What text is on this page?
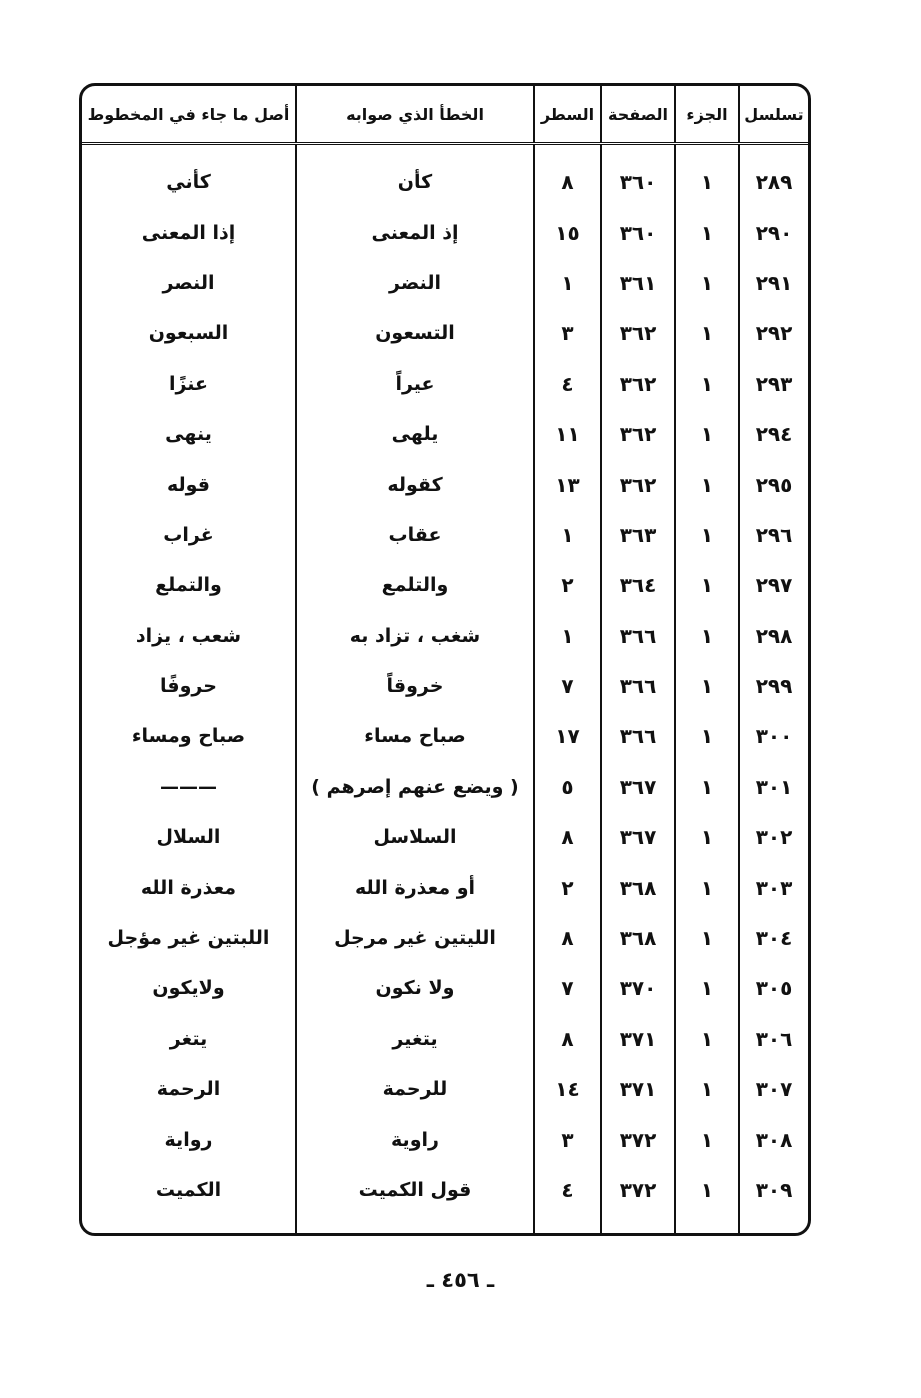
تسلسل	الجزء	الصفحة	السطر	الخطأ الذي صوابه	أصل ما جاء في المخطوط
٢٨٩	١	٣٦٠	٨	كأن	كأني
٢٩٠	١	٣٦٠	١٥	إذ المعنى	إذا المعنى
٢٩١	١	٣٦١	١	النضر	النصر
٢٩٢	١	٣٦٢	٣	التسعون	السبعون
٢٩٣	١	٣٦٢	٤	عيراً	عنزًا
٢٩٤	١	٣٦٢	١١	يلهى	ينهى
٢٩٥	١	٣٦٢	١٣	كقوله	قوله
٢٩٦	١	٣٦٣	١	عقاب	غراب
٢٩٧	١	٣٦٤	٢	والتلمع	والتملع
٢٩٨	١	٣٦٦	١	شغب ، تزاد به	شعب ، يزاد
٢٩٩	١	٣٦٦	٧	خروقاً	حروفًا
٣٠٠	١	٣٦٦	١٧	صباح مساء	صباح ومساء
٣٠١	١	٣٦٧	٥	( ويضع عنهم إصرهم )	———
٣٠٢	١	٣٦٧	٨	السلاسل	السلال
٣٠٣	١	٣٦٨	٢	أو معذرة الله	معذرة الله
٣٠٤	١	٣٦٨	٨	الليتين غير مرجل	اللبتين غير مؤجل
٣٠٥	١	٣٧٠	٧	ولا نكون	ولايكون
٣٠٦	١	٣٧١	٨	يتغير	يتغر
٣٠٧	١	٣٧١	١٤	للرحمة	الرحمة
٣٠٨	١	٣٧٢	٣	راوية	رواية
٣٠٩	١	٣٧٢	٤	قول الكميت	الكميت

ـ ٤٥٦ ـ
